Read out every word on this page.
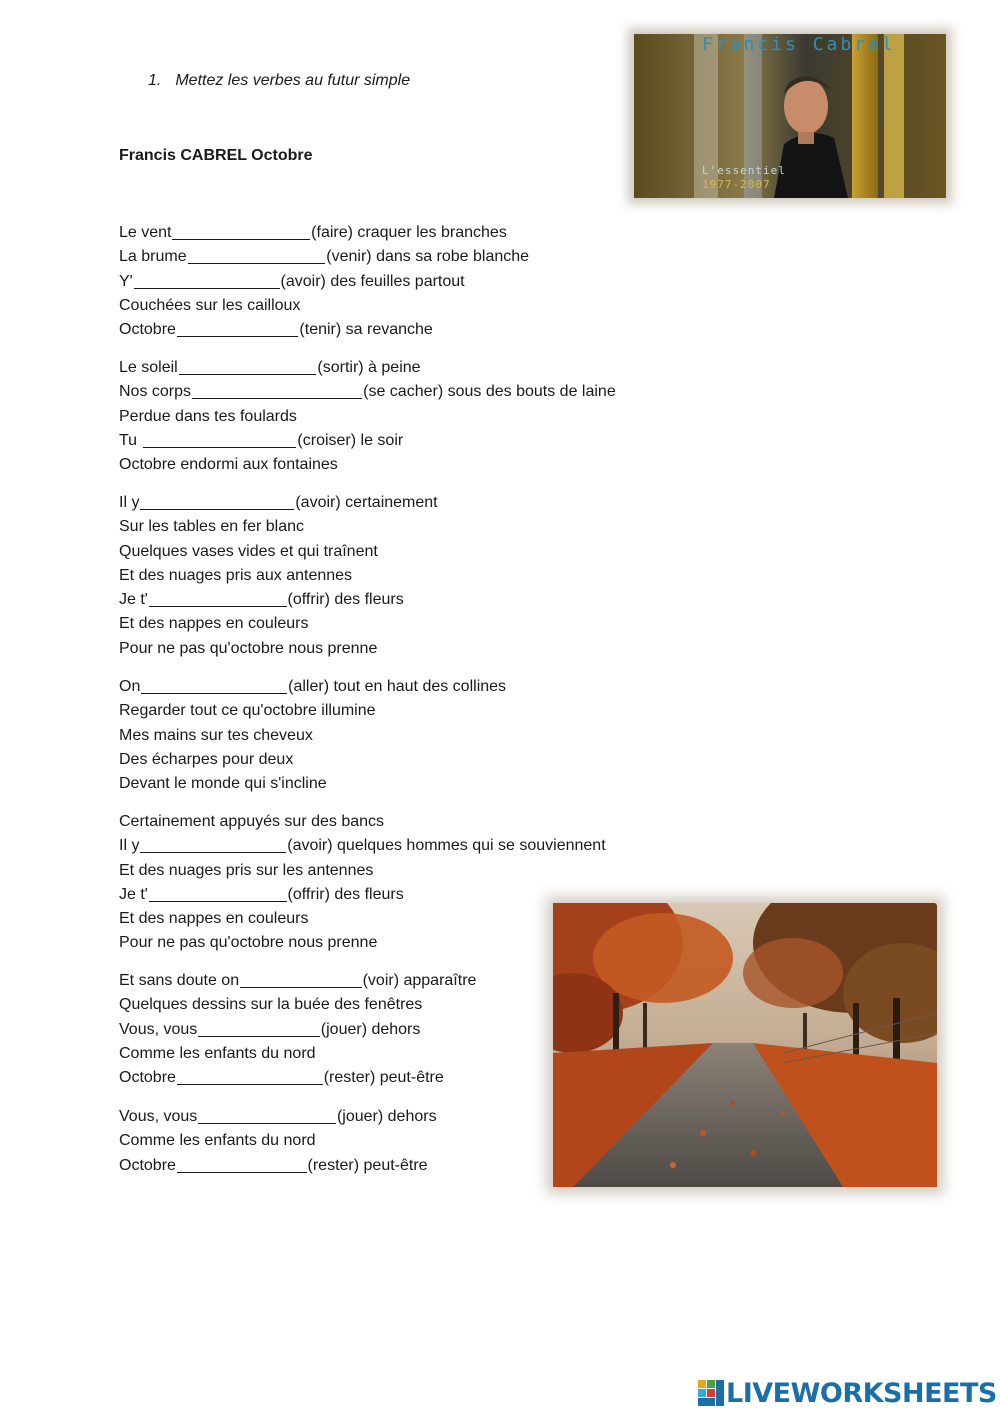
1. Mettez les verbes au futur simple
Francis CABREL Octobre
Francis Cabrel
L'essentiel
1977-2007
Le vent	(faire) craquer les branches
La brume	(venir) dans sa robe blanche
Y'	(avoir) des feuilles partout
Couchées sur les cailloux
Octobre	(tenir) sa revanche
Le soleil	(sortir) à peine
Nos corps	(se cacher) sous des bouts de laine
Perdue dans tes foulards
Tu	(croiser) le soir
Octobre endormi aux fontaines
Il y	(avoir) certainement
Sur les tables en fer blanc
Quelques vases vides et qui traînent
Et des nuages pris aux antennes
Je t'	(offrir) des fleurs
Et des nappes en couleurs
Pour ne pas qu'octobre nous prenne
On	(aller) tout en haut des collines
Regarder tout ce qu'octobre illumine
Mes mains sur tes cheveux
Des écharpes pour deux
Devant le monde qui s'incline
Certainement appuyés sur des bancs
Il y	(avoir) quelques hommes qui se souviennent
Et des nuages pris sur les antennes
Je t'	(offrir) des fleurs
Et des nappes en couleurs
Pour ne pas qu'octobre nous prenne
Et sans doute on	(voir) apparaître
Quelques dessins sur la buée des fenêtres
Vous, vous	(jouer) dehors
Comme les enfants du nord
Octobre	(rester) peut-être
Vous, vous	(jouer) dehors
Comme les enfants du nord
Octobre	(rester) peut-être
LIVEWORKSHEETS
